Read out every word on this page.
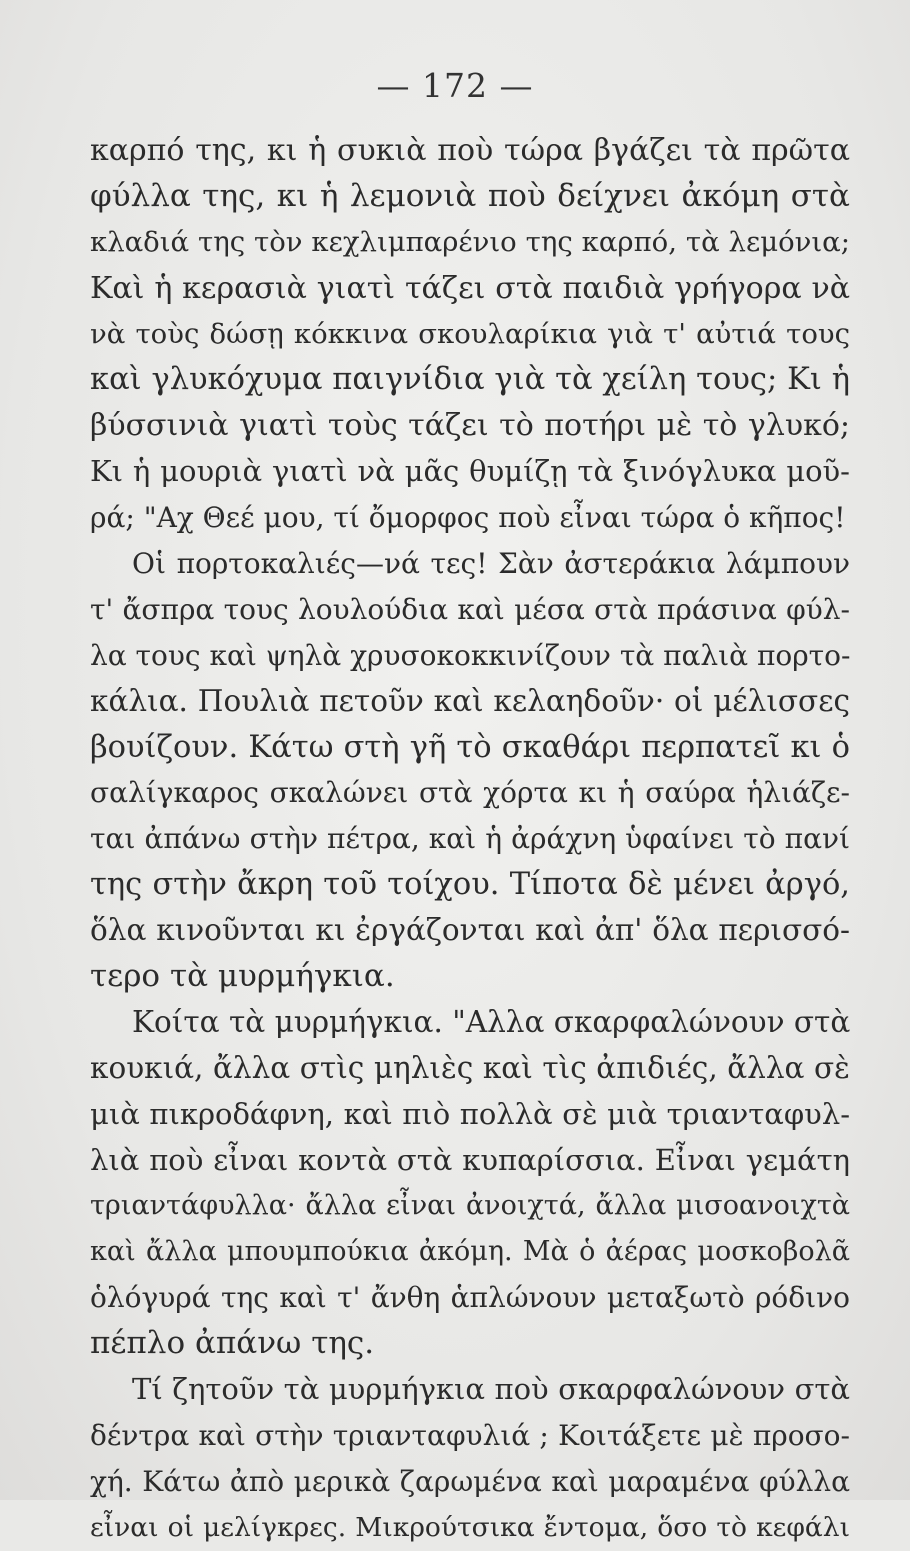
— 172 —
καρπό της, κι ἡ συκιὰ ποὺ τώρα βγάζει τὰ πρῶτα
φύλλα της, κι ἡ λεμονιὰ ποὺ δείχνει ἀκόμη στὰ
κλαδιά της τὸν κεχλιμπαρένιο της καρπό, τὰ λεμόνια;
Καὶ ἡ κερασιὰ γιατὶ τάζει στὰ παιδιὰ γρήγορα νὰ
νὰ τοὺς δώσῃ κόκκινα σκουλαρίκια γιὰ τ' αὐτιά τους
καὶ γλυκόχυμα παιγνίδια γιὰ τὰ χείλη τους; Κι ἡ
βύσσινιὰ γιατὶ τοὺς τάζει τὸ ποτήρι μὲ τὸ γλυκό;
Κι ἡ μουριὰ γιατὶ νὰ μᾶς θυμίζῃ τὰ ξινόγλυκα μοῦ-
ρά; "Αχ Θεέ μου, τί ὄμορφος ποὺ εἶναι τώρα ὁ κῆπος!
Οἱ πορτοκαλιές—νά τες! Σὰν ἀστεράκια λάμπουν
τ' ἄσπρα τους λουλούδια καὶ μέσα στὰ πράσινα φύλ-
λα τους καὶ ψηλὰ χρυσοκοκκινίζουν τὰ παλιὰ πορτο-
κάλια. Πουλιὰ πετοῦν καὶ κελαηδοῦν· οἱ μέλισσες
βουίζουν. Κάτω στὴ γῆ τὸ σκαθάρι περπατεῖ κι ὁ
σαλίγκαρος σκαλώνει στὰ χόρτα κι ἡ σαύρα ἡλιάζε-
ται ἀπάνω στὴν πέτρα, καὶ ἡ ἀράχνη ὑφαίνει τὸ πανί
της στὴν ἄκρη τοῦ τοίχου. Τίποτα δὲ μένει ἀργό,
ὅλα κινοῦνται κι ἐργάζονται καὶ ἀπ' ὅλα περισσό-
τερο τὰ μυρμήγκια.
Κοίτα τὰ μυρμήγκια. "Αλλα σκαρφαλώνουν στὰ
κουκιά, ἄλλα στὶς μηλιὲς καὶ τὶς ἀπιδιές, ἄλλα σὲ
μιὰ πικροδάφνη, καὶ πιὸ πολλὰ σὲ μιὰ τριανταφυλ-
λιὰ ποὺ εἶναι κοντὰ στὰ κυπαρίσσια. Εἶναι γεμάτη
τριαντάφυλλα· ἄλλα εἶναι ἀνοιχτά, ἄλλα μισοανοιχτὰ
καὶ ἄλλα μπουμπούκια ἀκόμη. Μὰ ὁ ἀέρας μοσκοβολᾶ
ὁλόγυρά της καὶ τ' ἄνθη ἁπλώνουν μεταξωτὸ ρόδινο
πέπλο ἀπάνω της.
Τί ζητοῦν τὰ μυρμήγκια ποὺ σκαρφαλώνουν στὰ
δέντρα καὶ στὴν τριανταφυλιά ; Κοιτάξετε μὲ προσο-
χή. Κάτω ἀπὸ μερικὰ ζαρωμένα καὶ μαραμένα φύλλα
εἶναι οἱ μελίγκρες. Μικρούτσικα ἔντομα, ὅσο τὸ κεφάλι
